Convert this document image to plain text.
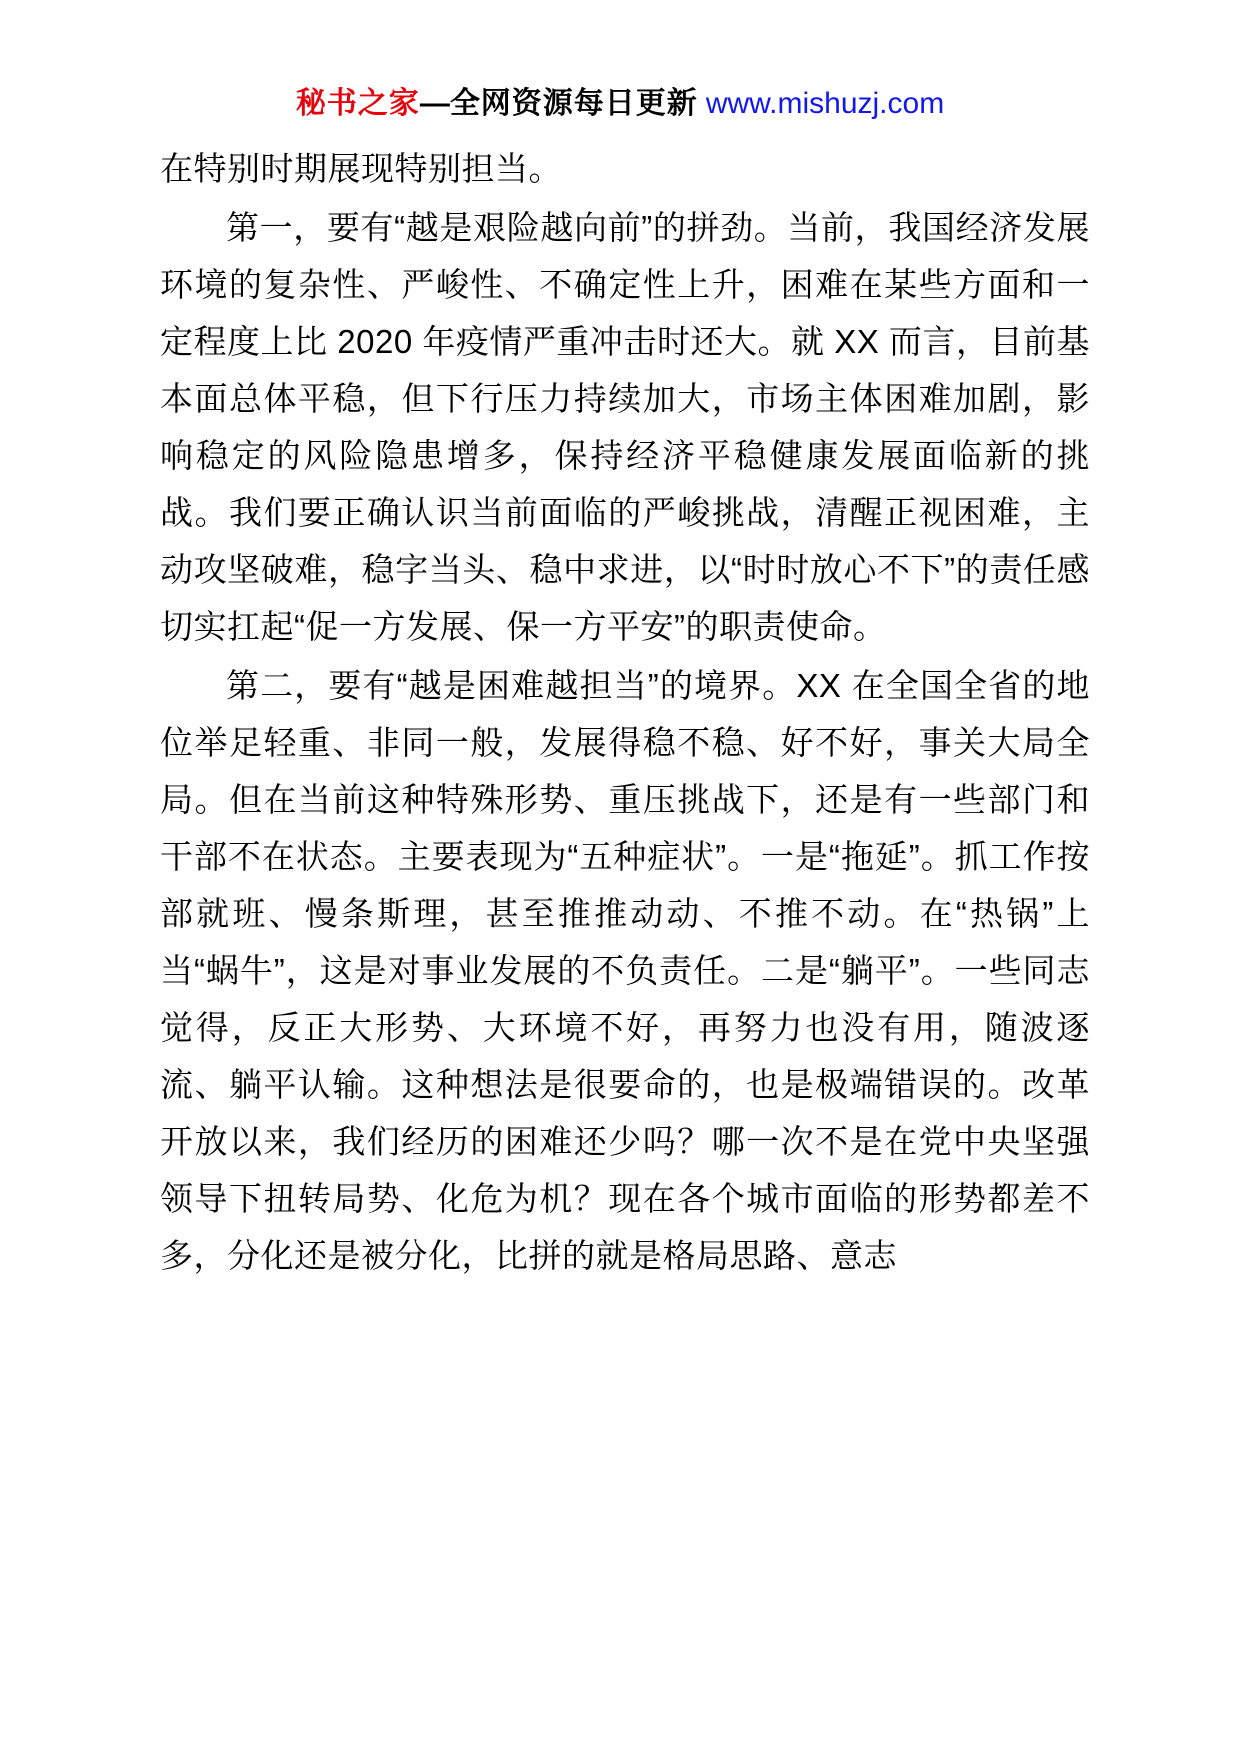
秘书之家—全网资源每日更新 www.mishuzj.com

在特别时期展现特别担当。

第一，要有“越是艰险越向前”的拼劲。当前，我国经济发展环境的复杂性、严峻性、不确定性上升，困难在某些方面和一定程度上比 2020 年疫情严重冲击时还大。就 XX 而言，目前基本面总体平稳，但下行压力持续加大，市场主体困难加剧，影响稳定的风险隐患增多，保持经济平稳健康发展面临新的挑战。我们要正确认识当前面临的严峻挑战，清醒正视困难，主动攻坚破难，稳字当头、稳中求进，以“时时放心不下”的责任感切实扛起“促一方发展、保一方平安”的职责使命。

第二，要有“越是困难越担当”的境界。XX 在全国全省的地位举足轻重、非同一般，发展得稳不稳、好不好，事关大局全局。但在当前这种特殊形势、重压挑战下，还是有一些部门和干部不在状态。主要表现为“五种症状”。一是“拖延”。抓工作按部就班、慢条斯理，甚至推推动动、不推不动。在“热锅”上当“蜗牛”，这是对事业发展的不负责任。二是“躺平”。一些同志觉得，反正大形势、大环境不好，再努力也没有用，随波逐流、躺平认输。这种想法是很要命的，也是极端错误的。改革开放以来，我们经历的困难还少吗？哪一次不是在党中央坚强领导下扭转局势、化危为机？现在各个城市面临的形势都差不多，分化还是被分化，比拼的就是格局思路、意志
